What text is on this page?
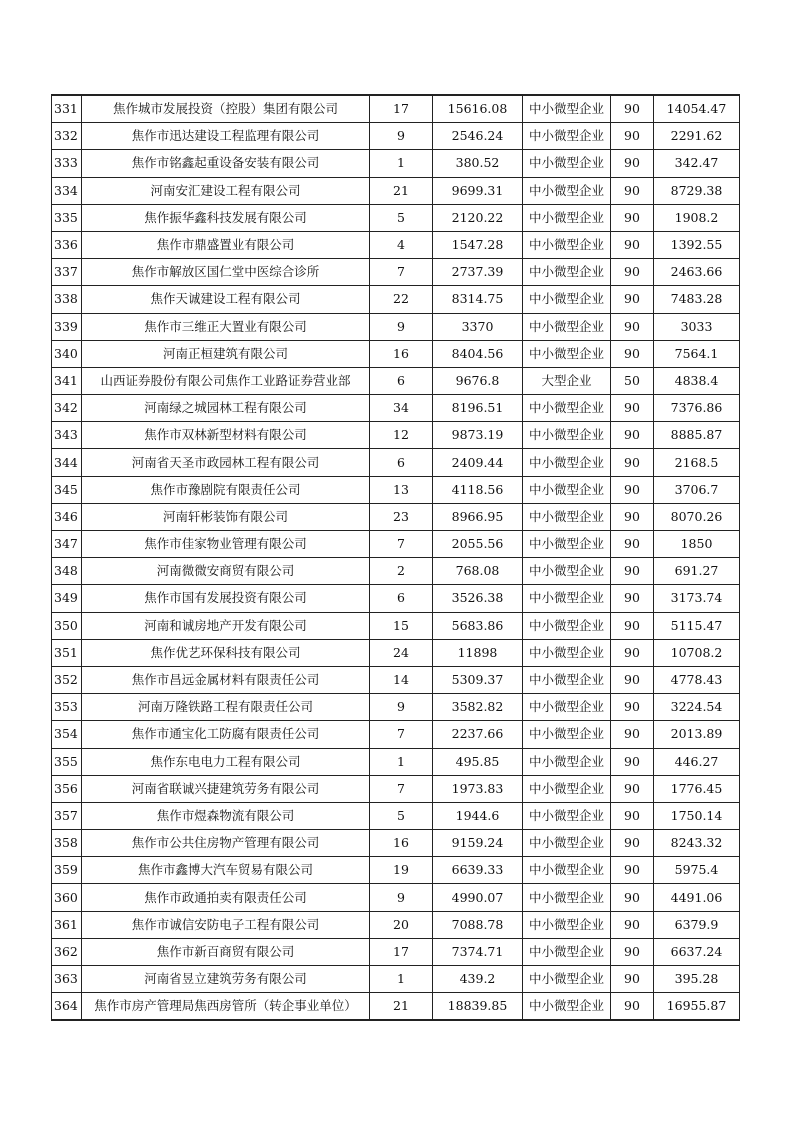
331	焦作城市发展投资（控股）集团有限公司	17	15616.08	中小微型企业	90	14054.47
332	焦作市迅达建设工程监理有限公司	9	2546.24	中小微型企业	90	2291.62
333	焦作市铭鑫起重设备安装有限公司	1	380.52	中小微型企业	90	342.47
334	河南安汇建设工程有限公司	21	9699.31	中小微型企业	90	8729.38
335	焦作振华鑫科技发展有限公司	5	2120.22	中小微型企业	90	1908.2
336	焦作市鼎盛置业有限公司	4	1547.28	中小微型企业	90	1392.55
337	焦作市解放区国仁堂中医综合诊所	7	2737.39	中小微型企业	90	2463.66
338	焦作天诚建设工程有限公司	22	8314.75	中小微型企业	90	7483.28
339	焦作市三维正大置业有限公司	9	3370	中小微型企业	90	3033
340	河南正桓建筑有限公司	16	8404.56	中小微型企业	90	7564.1
341	山西证券股份有限公司焦作工业路证券营业部	6	9676.8	大型企业	50	4838.4
342	河南绿之城园林工程有限公司	34	8196.51	中小微型企业	90	7376.86
343	焦作市双林新型材料有限公司	12	9873.19	中小微型企业	90	8885.87
344	河南省天圣市政园林工程有限公司	6	2409.44	中小微型企业	90	2168.5
345	焦作市豫剧院有限责任公司	13	4118.56	中小微型企业	90	3706.7
346	河南轩彬装饰有限公司	23	8966.95	中小微型企业	90	8070.26
347	焦作市佳家物业管理有限公司	7	2055.56	中小微型企业	90	1850
348	河南微微安商贸有限公司	2	768.08	中小微型企业	90	691.27
349	焦作市国有发展投资有限公司	6	3526.38	中小微型企业	90	3173.74
350	河南和诚房地产开发有限公司	15	5683.86	中小微型企业	90	5115.47
351	焦作优艺环保科技有限公司	24	11898	中小微型企业	90	10708.2
352	焦作市昌远金属材料有限责任公司	14	5309.37	中小微型企业	90	4778.43
353	河南万隆铁路工程有限责任公司	9	3582.82	中小微型企业	90	3224.54
354	焦作市通宝化工防腐有限责任公司	7	2237.66	中小微型企业	90	2013.89
355	焦作东电电力工程有限公司	1	495.85	中小微型企业	90	446.27
356	河南省联诚兴捷建筑劳务有限公司	7	1973.83	中小微型企业	90	1776.45
357	焦作市煜森物流有限公司	5	1944.6	中小微型企业	90	1750.14
358	焦作市公共住房物产管理有限公司	16	9159.24	中小微型企业	90	8243.32
359	焦作市鑫博大汽车贸易有限公司	19	6639.33	中小微型企业	90	5975.4
360	焦作市政通拍卖有限责任公司	9	4990.07	中小微型企业	90	4491.06
361	焦作市诚信安防电子工程有限公司	20	7088.78	中小微型企业	90	6379.9
362	焦作市新百商贸有限公司	17	7374.71	中小微型企业	90	6637.24
363	河南省昱立建筑劳务有限公司	1	439.2	中小微型企业	90	395.28
364	焦作市房产管理局焦西房管所（转企事业单位）	21	18839.85	中小微型企业	90	16955.87
